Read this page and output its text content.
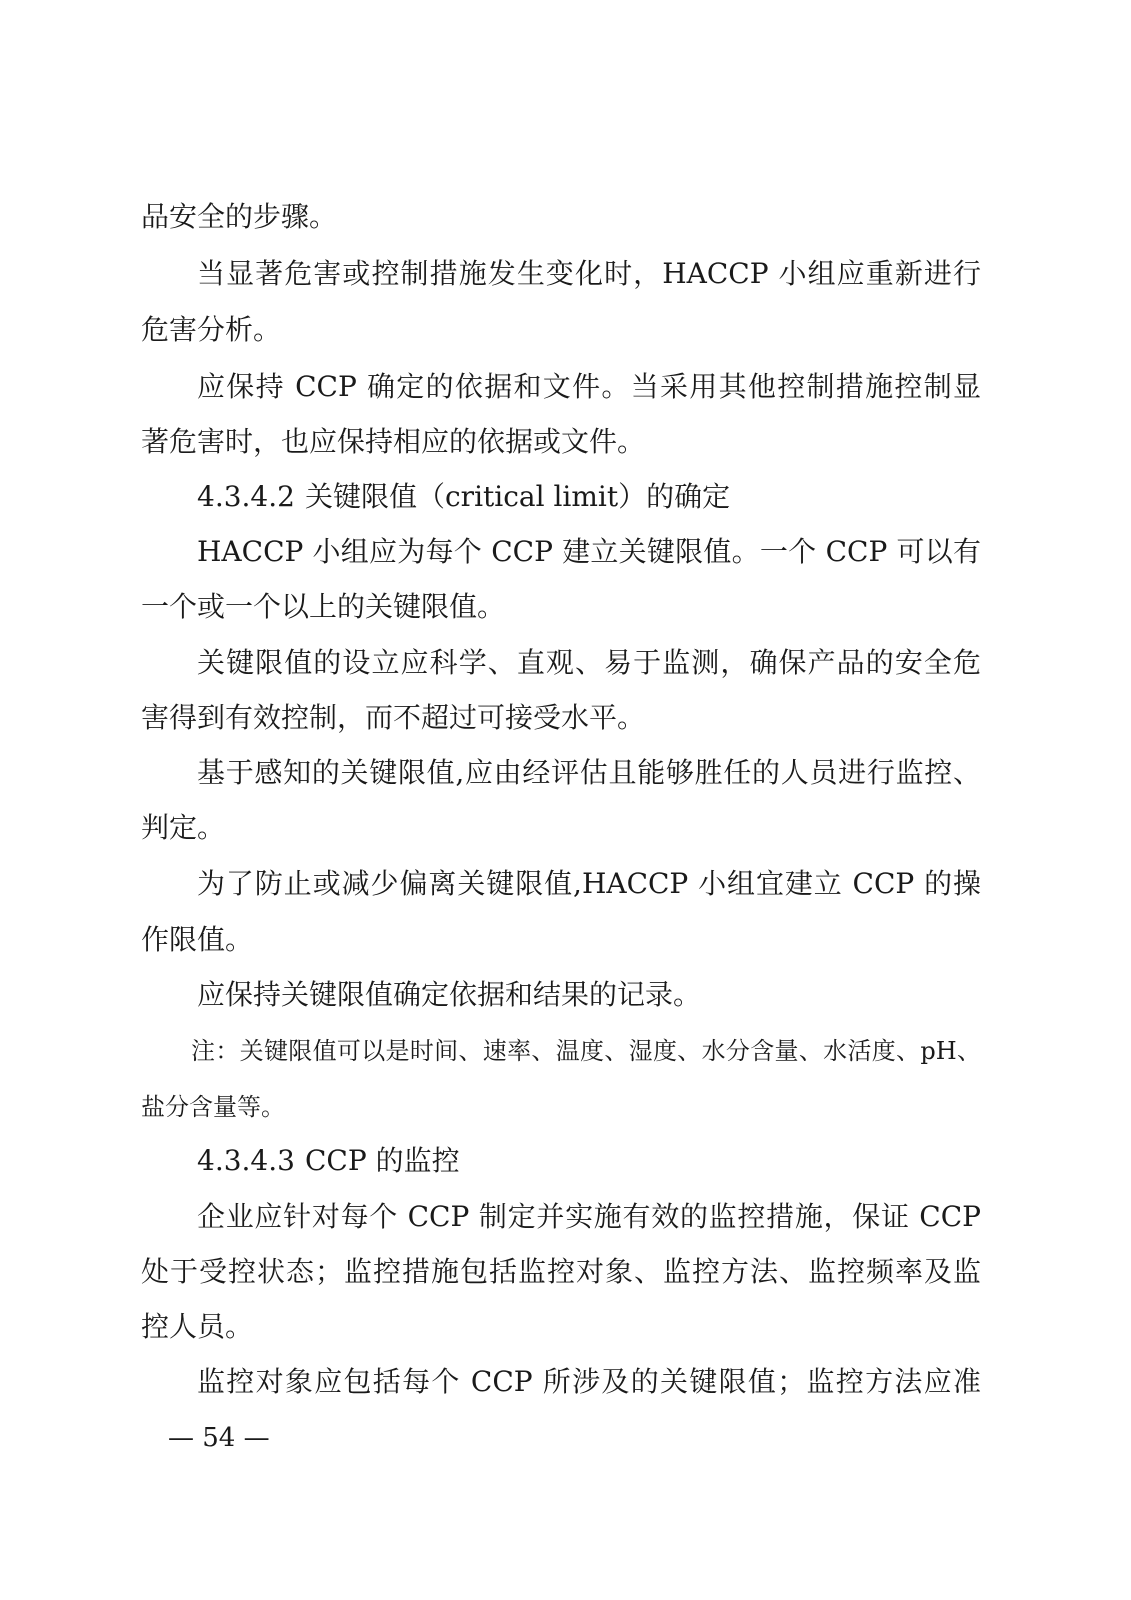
品安全的步骤。
当显著危害或控制措施发生变化时，HACCP 小组应重新进行
危害分析。
应保持 CCP 确定的依据和文件。当采用其他控制措施控制显
著危害时，也应保持相应的依据或文件。
4.3.4.2 关键限值（critical limit）的确定
HACCP 小组应为每个 CCP 建立关键限值。一个 CCP 可以有
一个或一个以上的关键限值。
关键限值的设立应科学、直观、易于监测，确保产品的安全危
害得到有效控制，而不超过可接受水平。
基于感知的关键限值,应由经评估且能够胜任的人员进行监控、
判定。
为了防止或减少偏离关键限值,HACCP 小组宜建立 CCP 的操
作限值。
应保持关键限值确定依据和结果的记录。
注：关键限值可以是时间、速率、温度、湿度、水分含量、水活度、pH、
盐分含量等。
4.3.4.3 CCP 的监控
企业应针对每个 CCP 制定并实施有效的监控措施，保证 CCP
处于受控状态；监控措施包括监控对象、监控方法、监控频率及监
控人员。
监控对象应包括每个 CCP 所涉及的关键限值；监控方法应准
— 54 —
